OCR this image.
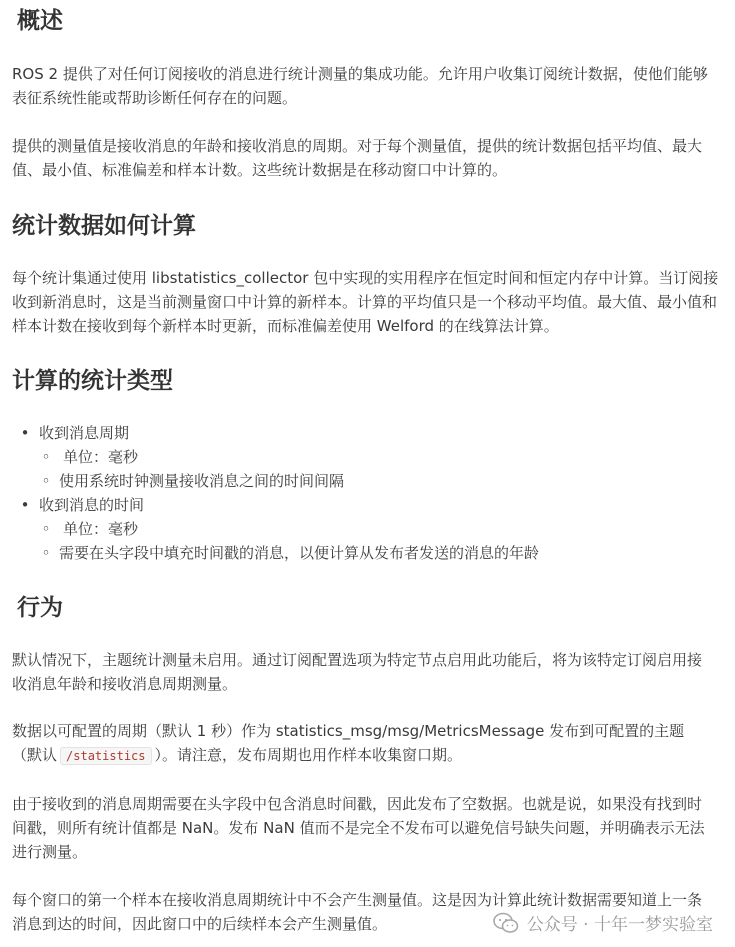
概述

ROS 2 提供了对任何订阅接收的消息进行统计测量的集成功能。允许用户收集订阅统计数据，使他们能够表征系统性能或帮助诊断任何存在的问题。

提供的测量值是接收消息的年龄和接收消息的周期。对于每个测量值，提供的统计数据包括平均值、最大值、最小值、标准偏差和样本计数。这些统计数据是在移动窗口中计算的。

统计数据如何计算

每个统计集通过使用 libstatistics_collector 包中实现的实用程序在恒定时间和恒定内存中计算。当订阅接收到新消息时，这是当前测量窗口中计算的新样本。计算的平均值只是一个移动平均值。最大值、最小值和样本计数在接收到每个新样本时更新，而标准偏差使用 Welford 的在线算法计算。

计算的统计类型
• 收到消息周期
◦ 单位：毫秒
◦ 使用系统时钟测量接收消息之间的时间间隔
• 收到消息的时间
◦ 单位：毫秒
◦ 需要在头字段中填充时间戳的消息，以便计算从发布者发送的消息的年龄
行为

默认情况下，主题统计测量未启用。通过订阅配置选项为特定节点启用此功能后，将为该特定订阅启用接收消息年龄和接收消息周期测量。

数据以可配置的周期（默认 1 秒）作为 statistics_msg/msg/MetricsMessage 发布到可配置的主题（默认 /statistics ）。请注意，发布周期也用作样本收集窗口期。

由于接收到的消息周期需要在头字段中包含消息时间戳，因此发布了空数据。也就是说，如果没有找到时间戳，则所有统计值都是 NaN。发布 NaN 值而不是完全不发布可以避免信号缺失问题，并明确表示无法进行测量。

每个窗口的第一个样本在接收消息周期统计中不会产生测量值。这是因为计算此统计数据需要知道上一条消息到达的时间，因此窗口中的后续样本会产生测量值。	公众号 · 十年一梦实验室
